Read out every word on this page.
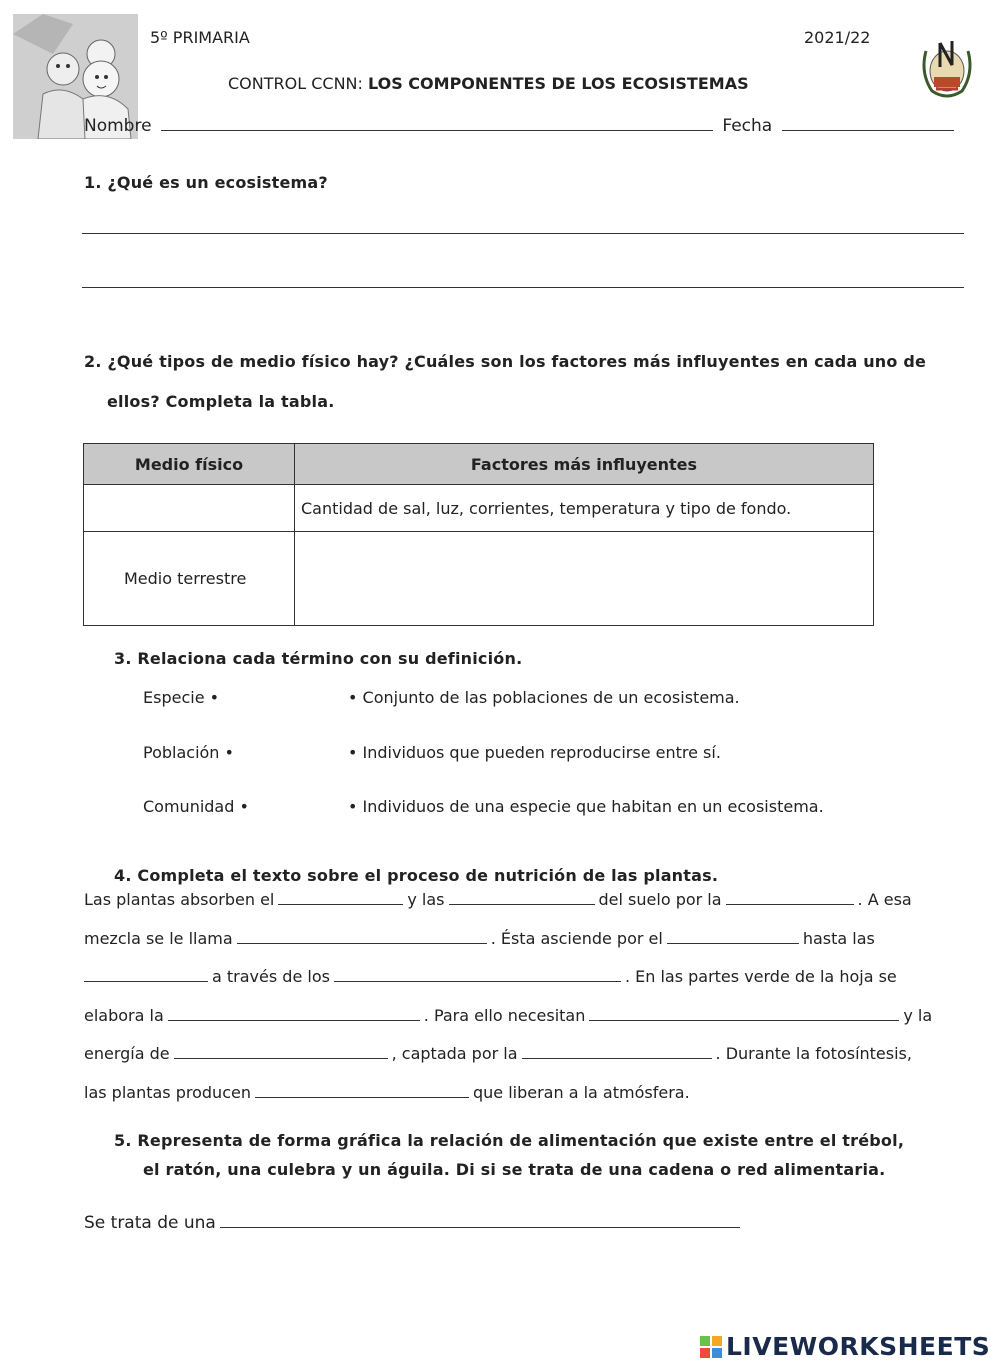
5º PRIMARIA	2021/22
CONTROL CCNN: LOS COMPONENTES DE LOS ECOSISTEMAS
Nombre	Fecha
1. ¿Qué es un ecosistema?
2. ¿Qué tipos de medio físico hay? ¿Cuáles son los factores más influyentes en cada uno de
ellos? Completa la tabla.
Medio físico	Factores más influyentes
	Cantidad de sal, luz, corrientes, temperatura y tipo de fondo.
Medio terrestre	
3. Relaciona cada término con su definición.
Especie •	• Conjunto de las poblaciones de un ecosistema.
Población •	• Individuos que pueden reproducirse entre sí.
Comunidad •	• Individuos de una especie que habitan en un ecosistema.
4. Completa el texto sobre el proceso de nutrición de las plantas.
Las plantas absorben el	y las	del suelo por la	. A esa
mezcla se le llama	. Ésta asciende por el	hasta las
a través de los	. En las partes verde de la hoja se
elabora la	. Para ello necesitan	y la
energía de	, captada por la	. Durante la fotosíntesis,
las plantas producen	que liberan a la atmósfera.
5. Representa de forma gráfica la relación de alimentación que existe entre el trébol,
el ratón, una culebra y un águila. Di si se trata de una cadena o red alimentaria.
Se trata de una
LIVEWORKSHEETS
